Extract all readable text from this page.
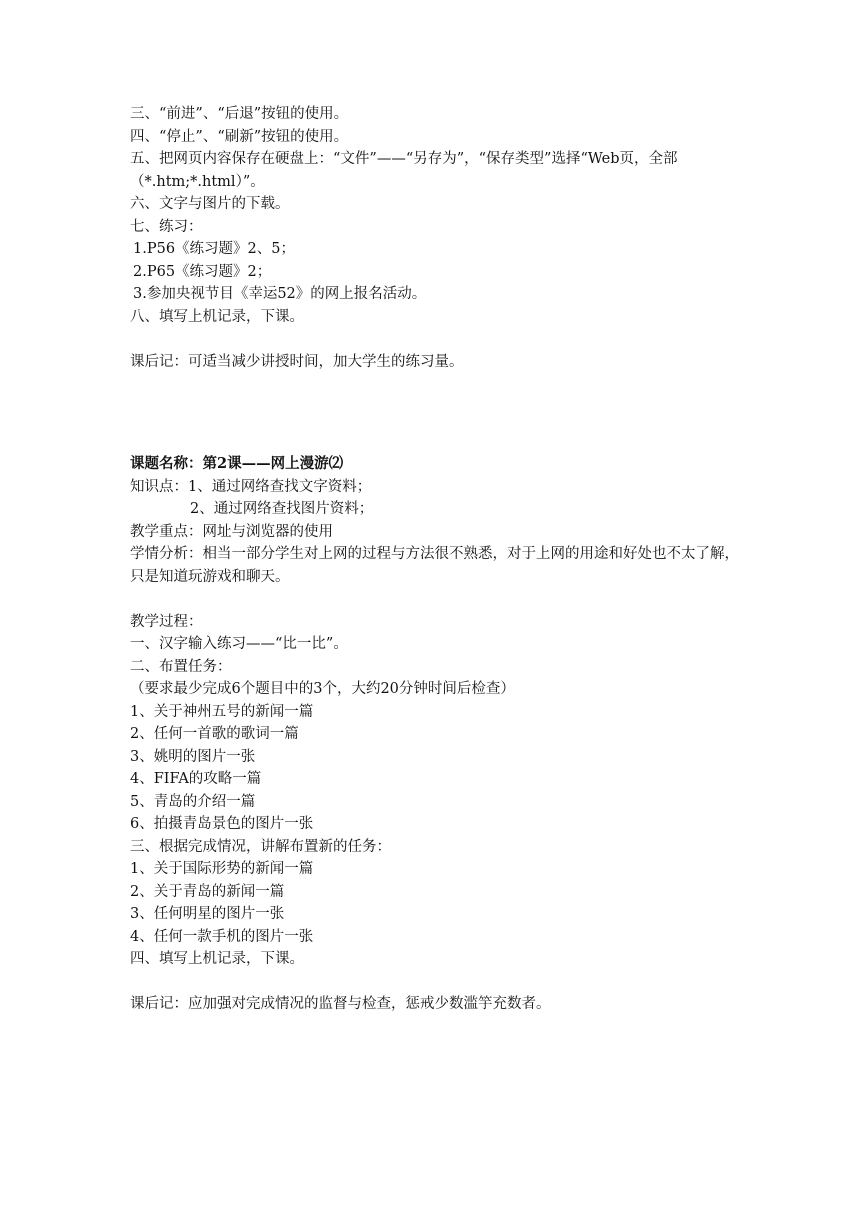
三、“前进”、“后退”按钮的使用。
四、“停止”、“刷新”按钮的使用。
五、把网页内容保存在硬盘上：“文件”——“另存为”，“保存类型”选择“Web页，全部（*.htm;*.html）”。
六、文字与图片的下载。
七、练习：
1.P56《练习题》2、5；
2.P65《练习题》2；
3.参加央视节目《幸运52》的网上报名活动。
八、填写上机记录，下课。
课后记：可适当减少讲授时间，加大学生的练习量。
课题名称：第2课——网上漫游⑵
知识点：1、通过网络查找文字资料；
2、通过网络查找图片资料；
教学重点：网址与浏览器的使用
学情分析：相当一部分学生对上网的过程与方法很不熟悉，对于上网的用途和好处也不太了解，只是知道玩游戏和聊天。
教学过程：
一、汉字输入练习——“比一比”。
二、布置任务：
（要求最少完成6个题目中的3个，大约20分钟时间后检查）
1、关于神州五号的新闻一篇
2、任何一首歌的歌词一篇
3、姚明的图片一张
4、FIFA的攻略一篇
5、青岛的介绍一篇
6、拍摄青岛景色的图片一张
三、根据完成情况，讲解布置新的任务：
1、关于国际形势的新闻一篇
2、关于青岛的新闻一篇
3、任何明星的图片一张
4、任何一款手机的图片一张
四、填写上机记录，下课。
课后记：应加强对完成情况的监督与检查，惩戒少数滥竽充数者。
